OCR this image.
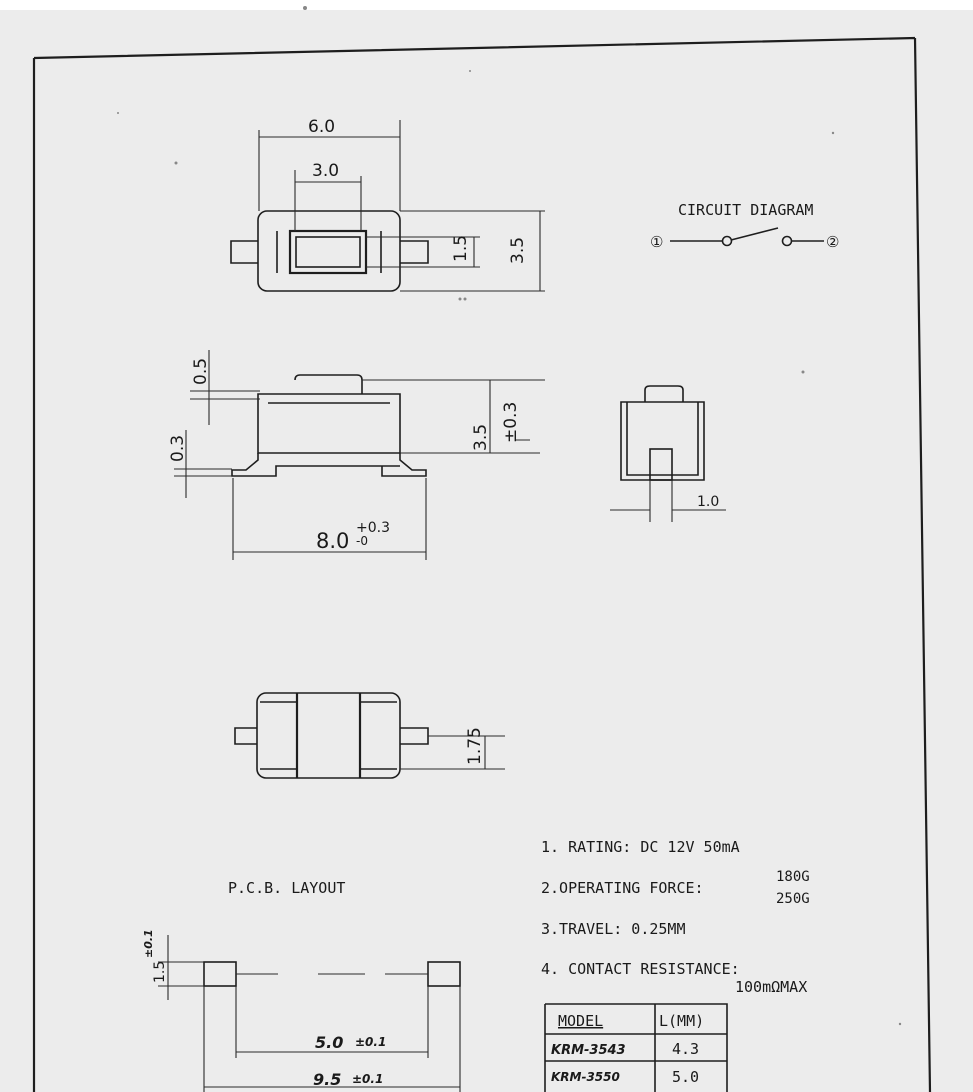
6.0
3.0
1.5 3.5
CIRCUIT DIAGRAM
①	②
0.5
0.3	3.5 ±0.3
8.0
+0.3
-0
1.0
1.75
P.C.B. LAYOUT
1.5
±0.1
5.0 ±0.1
9.5 ±0.1
1. RATING: DC 12V 50mA
2.OPERATING FORCE:
180G
250G
3.TRAVEL: 0.25MM
4. CONTACT RESISTANCE:
100mΩMAX
MODEL	L(MM)
KRM-3543	4.3
KRM-3550	5.0
